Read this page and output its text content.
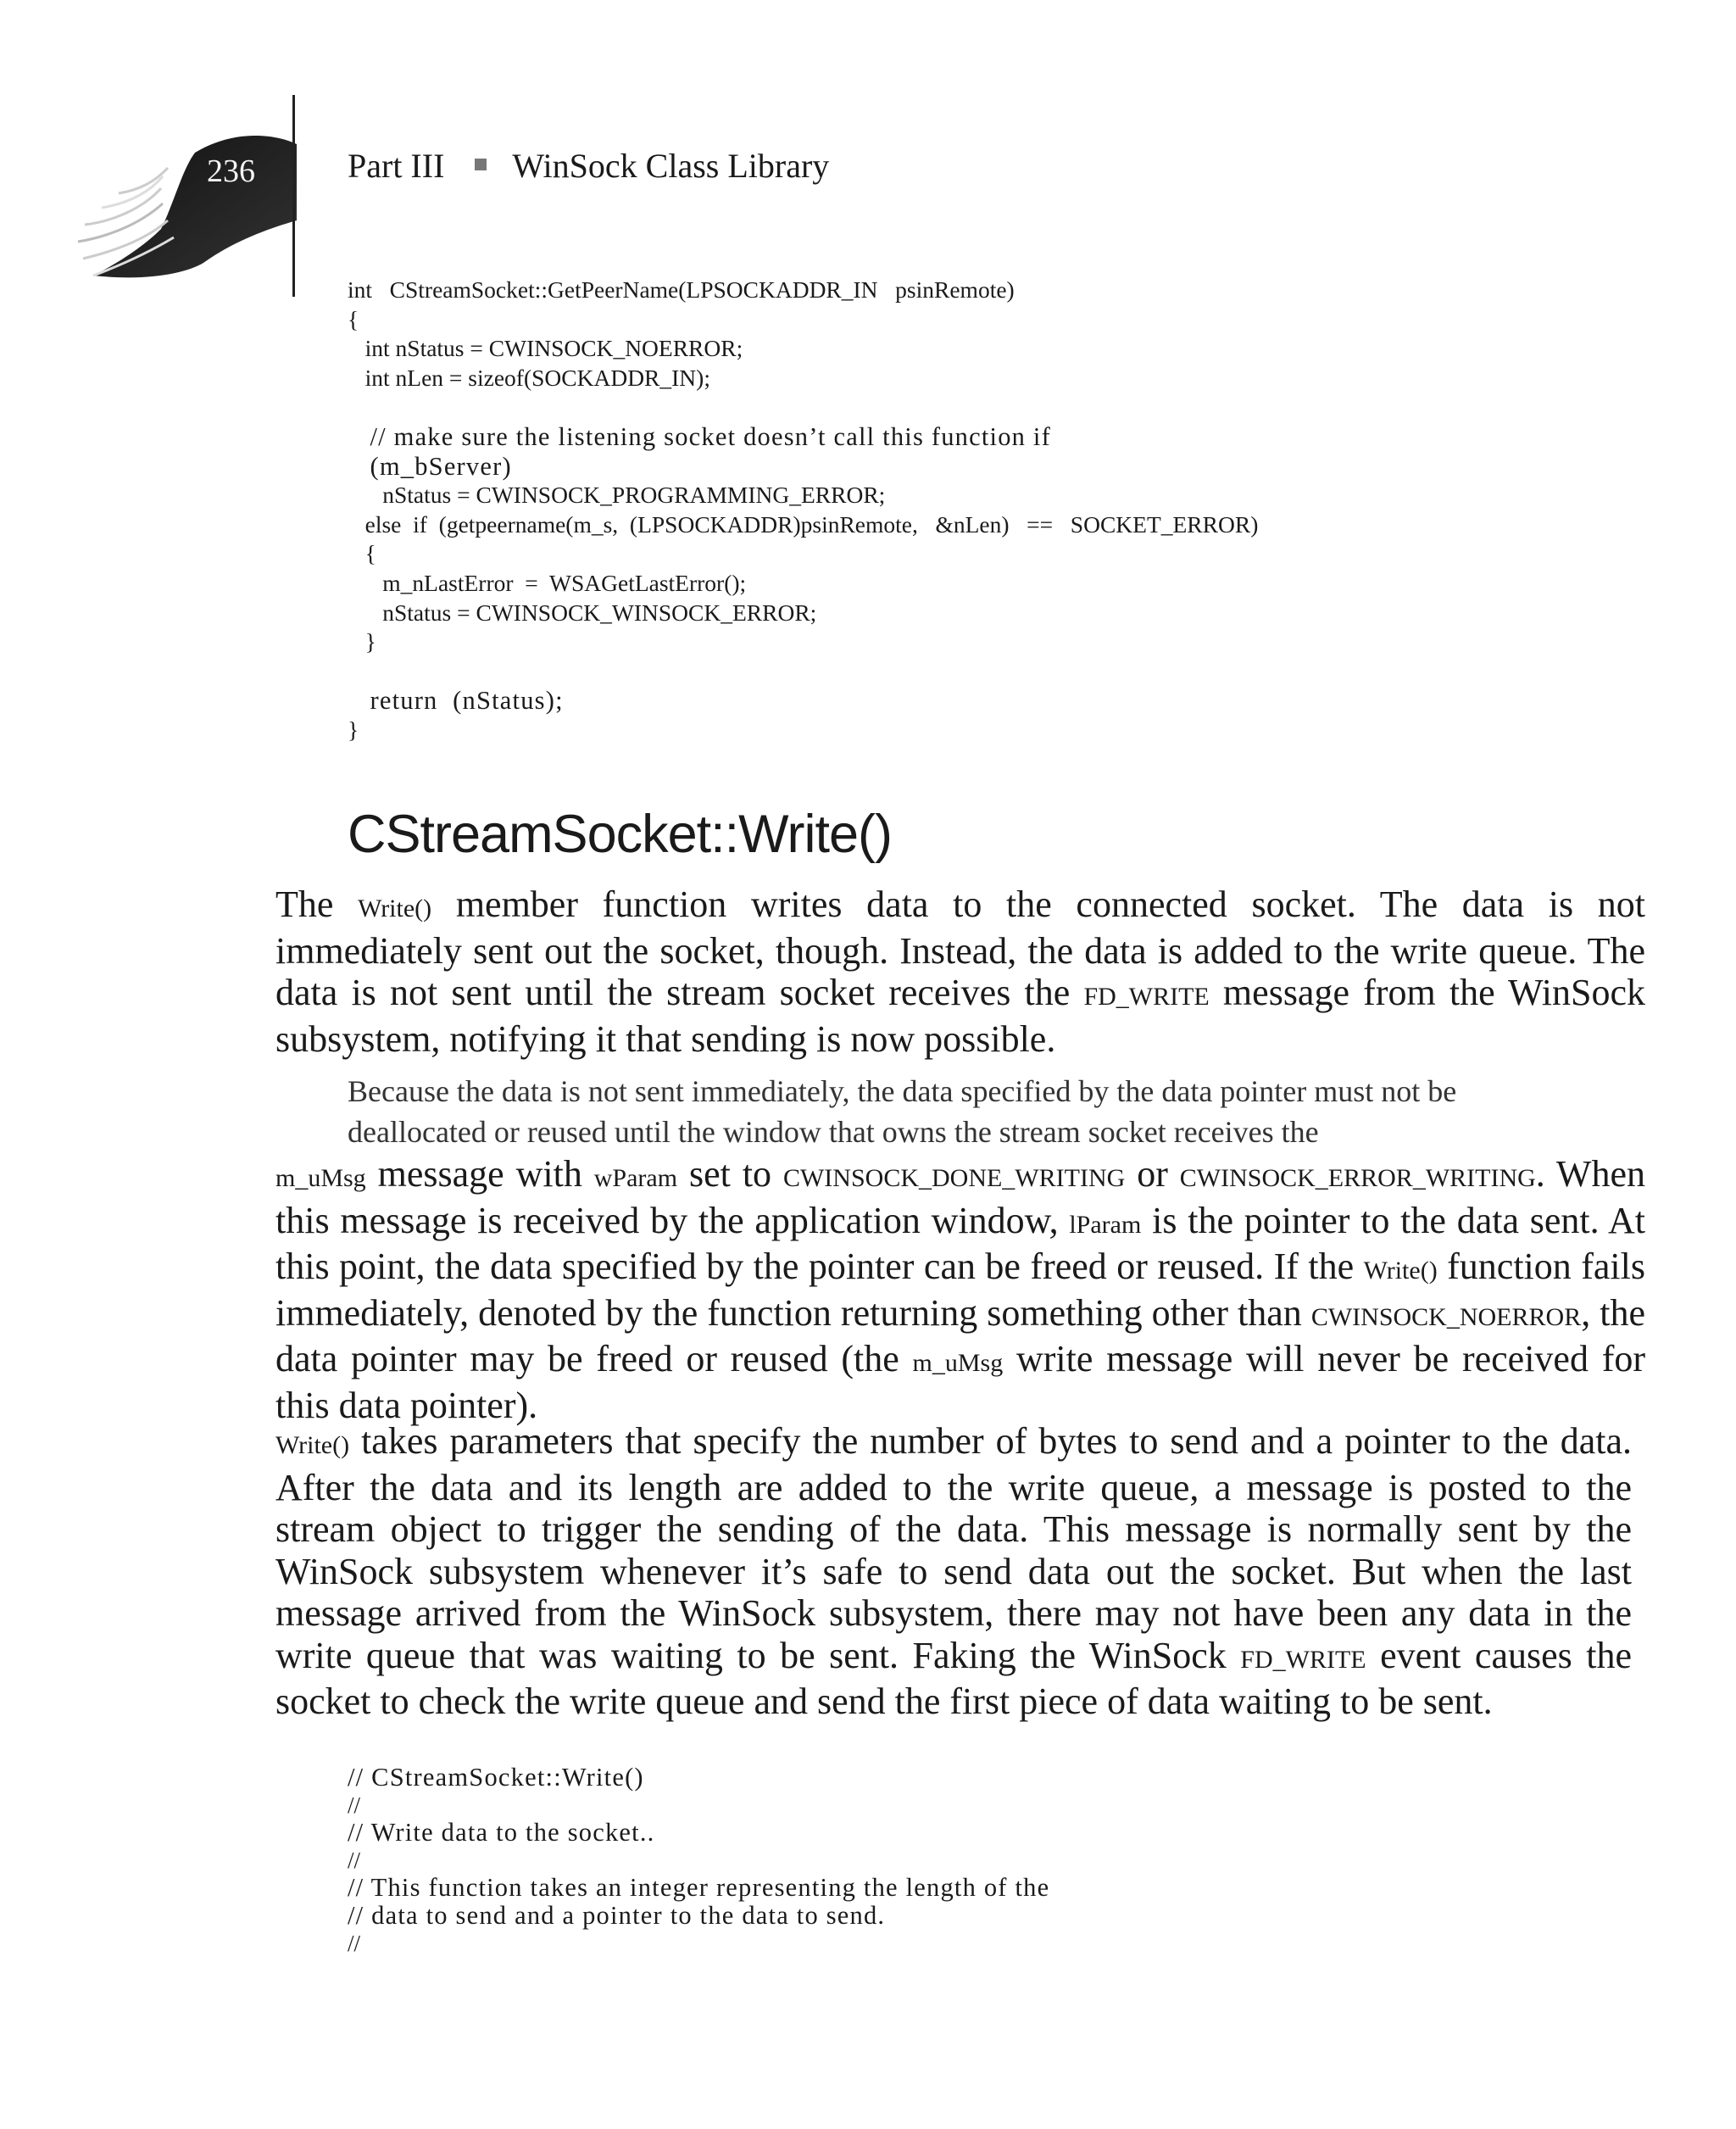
236	Part III WinSock Class Library
int   CStreamSocket::GetPeerName(LPSOCKADDR_IN   psinRemote)
{
int nStatus = CWINSOCK_NOERROR;
int nLen = sizeof(SOCKADDR_IN);
// make sure the listening socket doesn’t call this function if
(m_bServer)
nStatus = CWINSOCK_PROGRAMMING_ERROR;
else  if  (getpeername(m_s,  (LPSOCKADDR)psinRemote,   &nLen)   ==   SOCKET_ERROR)
{
m_nLastError  =  WSAGetLastError();
nStatus = CWINSOCK_WINSOCK_ERROR;
}
return  (nStatus);
}
CStreamSocket::Write()

The Write() member function writes data to the connected socket. The data is not immediately sent out the socket, though. Instead, the data is added to the write queue. The data is not sent until the stream socket receives the FD_WRITE message from the WinSock subsystem, notifying it that sending is now possible.

Because the data is not sent immediately, the data specified by the data pointer must not be deallocated or reused until the window that owns the stream socket receives the

m_uMsg message with wParam set to CWINSOCK_DONE_WRITING or CWINSOCK_ERROR_WRITING. When this message is received by the application window, lParam is the pointer to the data sent. At this point, the data specified by the pointer can be freed or reused. If the Write() function fails immediately, denoted by the function returning something other than CWINSOCK_NOERROR, the data pointer may be freed or reused (the m_uMsg write message will never be received for this data pointer).

Write() takes parameters that specify the number of bytes to send and a pointer to the data. After the data and its length are added to the write queue, a message is posted to the stream object to trigger the sending of the data. This message is normally sent by the WinSock subsystem whenever it’s safe to send data out the socket. But when the last message arrived from the WinSock subsystem, there may not have been any data in the write queue that was waiting to be sent. Faking the WinSock FD_WRITE event causes the socket to check the write queue and send the first piece of data waiting to be sent.

// CStreamSocket::Write()
//
// Write data to the socket..
//
// This function takes an integer representing the length of the
// data to send and a pointer to the data to send.
//
